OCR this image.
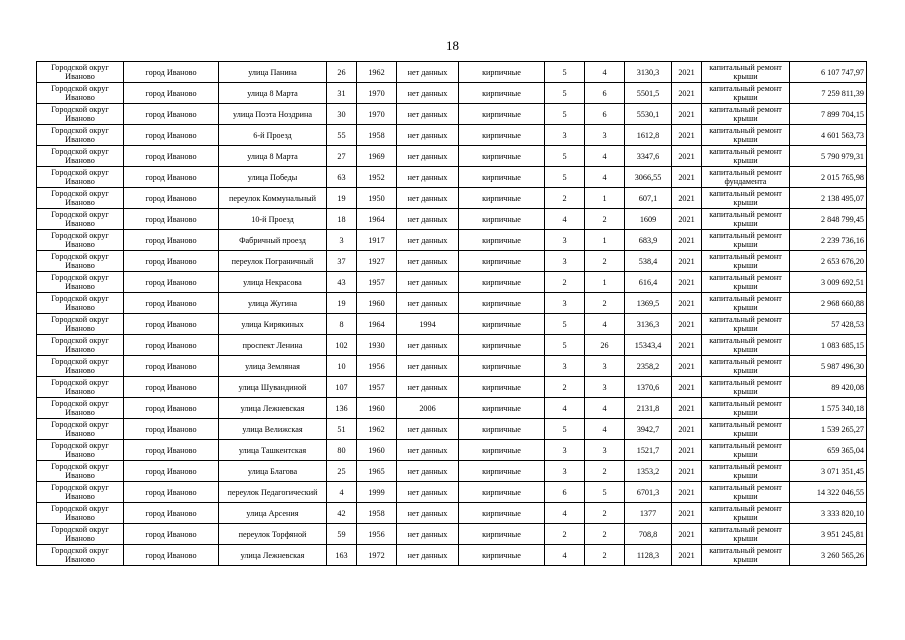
18
Городской округ Иваново	город Иваново	улица Панина	26	1962	нет данных	кирпичные	5	4	3130,3	2021	капитальный ремонт крыши	6 107 747,97
Городской округ Иваново	город Иваново	улица 8 Марта	31	1970	нет данных	кирпичные	5	6	5501,5	2021	капитальный ремонт крыши	7 259 811,39
Городской округ Иваново	город Иваново	улица Поэта Ноздрина	30	1970	нет данных	кирпичные	5	6	5530,1	2021	капитальный ремонт крыши	7 899 704,15
Городской округ Иваново	город Иваново	6-й Проезд	55	1958	нет данных	кирпичные	3	3	1612,8	2021	капитальный ремонт крыши	4 601 563,73
Городской округ Иваново	город Иваново	улица 8 Марта	27	1969	нет данных	кирпичные	5	4	3347,6	2021	капитальный ремонт крыши	5 790 979,31
Городской округ Иваново	город Иваново	улица Победы	63	1952	нет данных	кирпичные	5	4	3066,55	2021	капитальный ремонт фундамента	2 015 765,98
Городской округ Иваново	город Иваново	переулок Коммунальный	19	1950	нет данных	кирпичные	2	1	607,1	2021	капитальный ремонт крыши	2 138 495,07
Городской округ Иваново	город Иваново	10-й Проезд	18	1964	нет данных	кирпичные	4	2	1609	2021	капитальный ремонт крыши	2 848 799,45
Городской округ Иваново	город Иваново	Фабричный проезд	3	1917	нет данных	кирпичные	3	1	683,9	2021	капитальный ремонт крыши	2 239 736,16
Городской округ Иваново	город Иваново	переулок Пограничный	37	1927	нет данных	кирпичные	3	2	538,4	2021	капитальный ремонт крыши	2 653 676,20
Городской округ Иваново	город Иваново	улица Некрасова	43	1957	нет данных	кирпичные	2	1	616,4	2021	капитальный ремонт крыши	3 009 692,51
Городской округ Иваново	город Иваново	улица Жугина	19	1960	нет данных	кирпичные	3	2	1369,5	2021	капитальный ремонт крыши	2 968 660,88
Городской округ Иваново	город Иваново	улица Кирякиных	8	1964	1994	кирпичные	5	4	3136,3	2021	капитальный ремонт крыши	57 428,53
Городской округ Иваново	город Иваново	проспект Ленина	102	1930	нет данных	кирпичные	5	26	15343,4	2021	капитальный ремонт крыши	1 083 685,15
Городской округ Иваново	город Иваново	улица Земляная	10	1956	нет данных	кирпичные	3	3	2358,2	2021	капитальный ремонт крыши	5 987 496,30
Городской округ Иваново	город Иваново	улица Шувандиной	107	1957	нет данных	кирпичные	2	3	1370,6	2021	капитальный ремонт крыши	89 420,08
Городской округ Иваново	город Иваново	улица Лежневская	136	1960	2006	кирпичные	4	4	2131,8	2021	капитальный ремонт крыши	1 575 340,18
Городской округ Иваново	город Иваново	улица Велижская	51	1962	нет данных	кирпичные	5	4	3942,7	2021	капитальный ремонт крыши	1 539 265,27
Городской округ Иваново	город Иваново	улица Ташкентская	80	1960	нет данных	кирпичные	3	3	1521,7	2021	капитальный ремонт крыши	659 365,04
Городской округ Иваново	город Иваново	улица Благова	25	1965	нет данных	кирпичные	3	2	1353,2	2021	капитальный ремонт крыши	3 071 351,45
Городской округ Иваново	город Иваново	переулок Педагогический	4	1999	нет данных	кирпичные	6	5	6701,3	2021	капитальный ремонт крыши	14 322 046,55
Городской округ Иваново	город Иваново	улица Арсения	42	1958	нет данных	кирпичные	4	2	1377	2021	капитальный ремонт крыши	3 333 820,10
Городской округ Иваново	город Иваново	переулок Торфяной	59	1956	нет данных	кирпичные	2	2	708,8	2021	капитальный ремонт крыши	3 951 245,81
Городской округ Иваново	город Иваново	улица Лежневская	163	1972	нет данных	кирпичные	4	2	1128,3	2021	капитальный ремонт крыши	3 260 565,26
